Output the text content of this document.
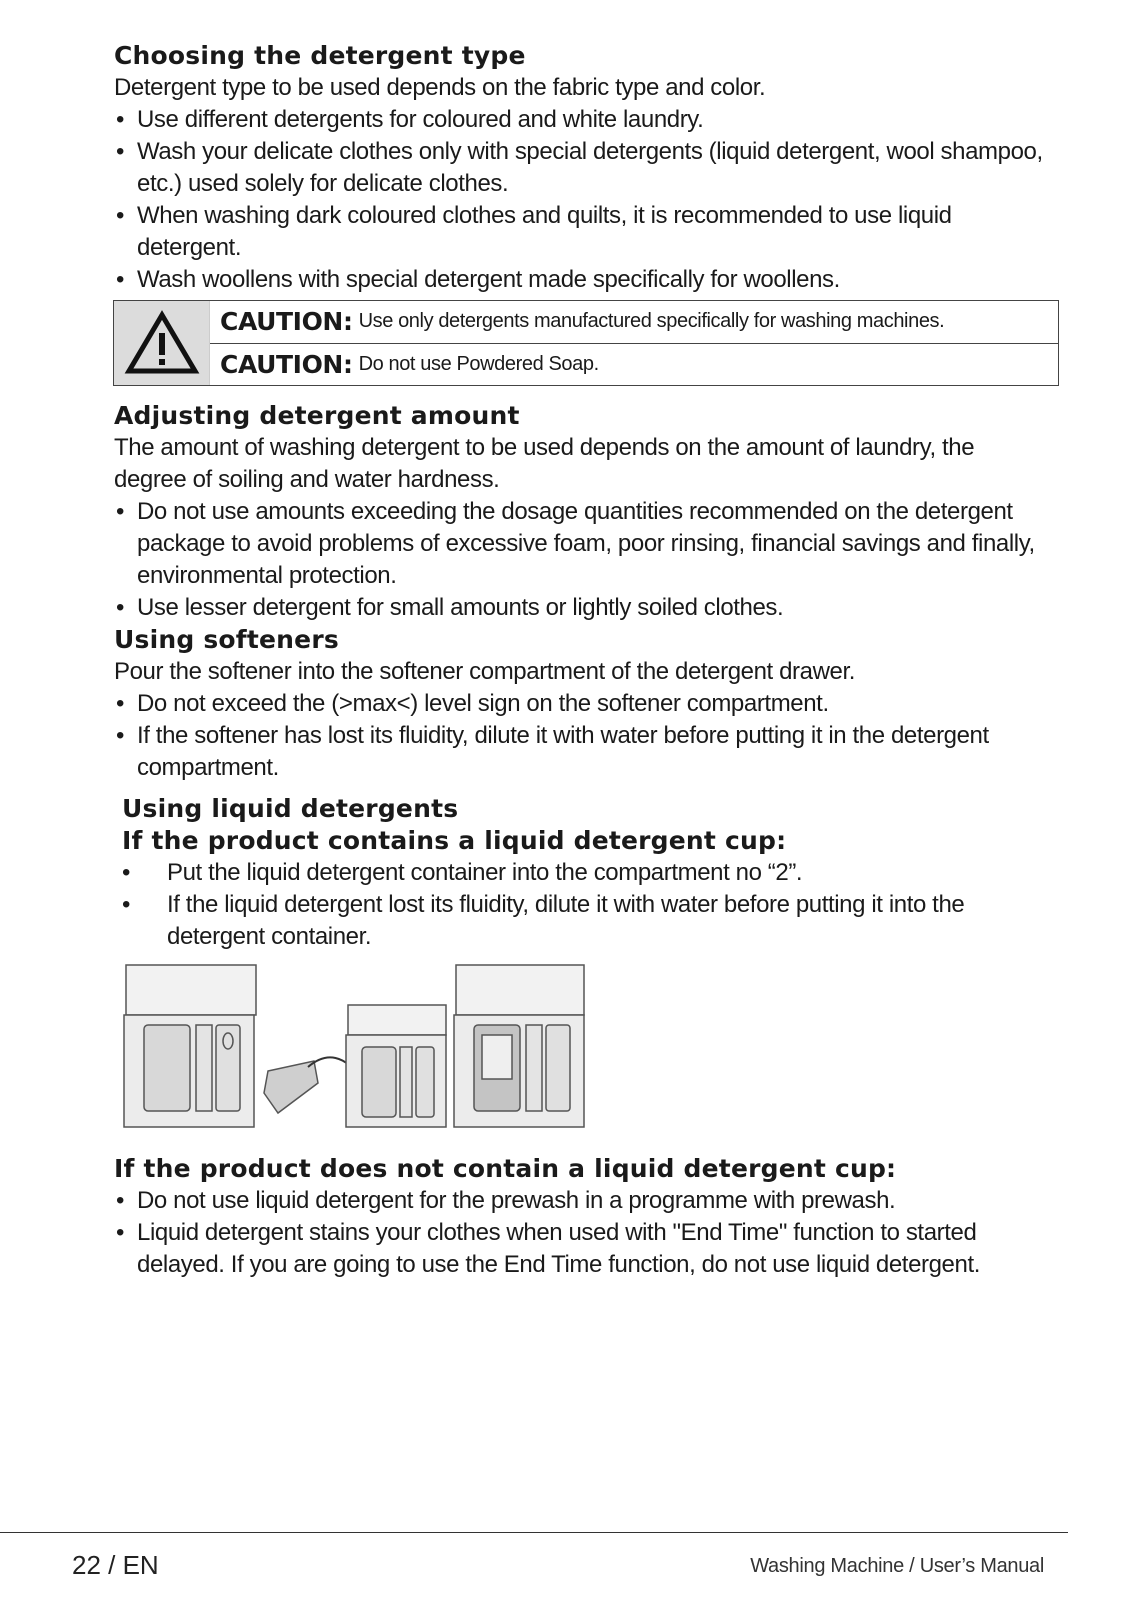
Choosing the detergent type

Detergent type to be used depends on the fabric type and color.

• Use different detergents for coloured and white laundry.
• Wash your delicate clothes only with special detergents (liquid detergent, wool shampoo, etc.) used solely for delicate clothes.
• When washing dark coloured clothes and quilts, it is recommended to use liquid detergent.
• Wash woollens with special detergent made specifically for woollens.
CAUTION: Use only detergents manufactured specifically for washing machines.
CAUTION: Do not use Powdered Soap.
Adjusting detergent amount

The amount of washing detergent to be used depends on the amount of laundry, the degree of soiling and water hardness.

• Do not use amounts exceeding the dosage quantities recommended on the detergent package to avoid problems of excessive foam, poor rinsing, financial savings and finally, environmental protection.
• Use lesser detergent for small amounts or lightly soiled clothes.
Using softeners

Pour the softener into the softener compartment of the detergent drawer.

• Do not exceed the (>max<) level sign on the softener compartment.
• If the softener has lost its fluidity, dilute it with water before putting it in the detergent compartment.
Using liquid detergents
If the product contains a liquid detergent cup:
• Put the liquid detergent container into the compartment no “2”.
• If the liquid detergent lost its fluidity, dilute it with water before putting it into the detergent container.
If the product does not contain a liquid detergent cup:
• Do not use liquid detergent for the prewash in a programme with prewash.
• Liquid detergent stains your clothes when used with "End Time" function to started delayed. If you are going to use the End Time function, do not use liquid detergent.
22 / EN	Washing Machine / User’s Manual
